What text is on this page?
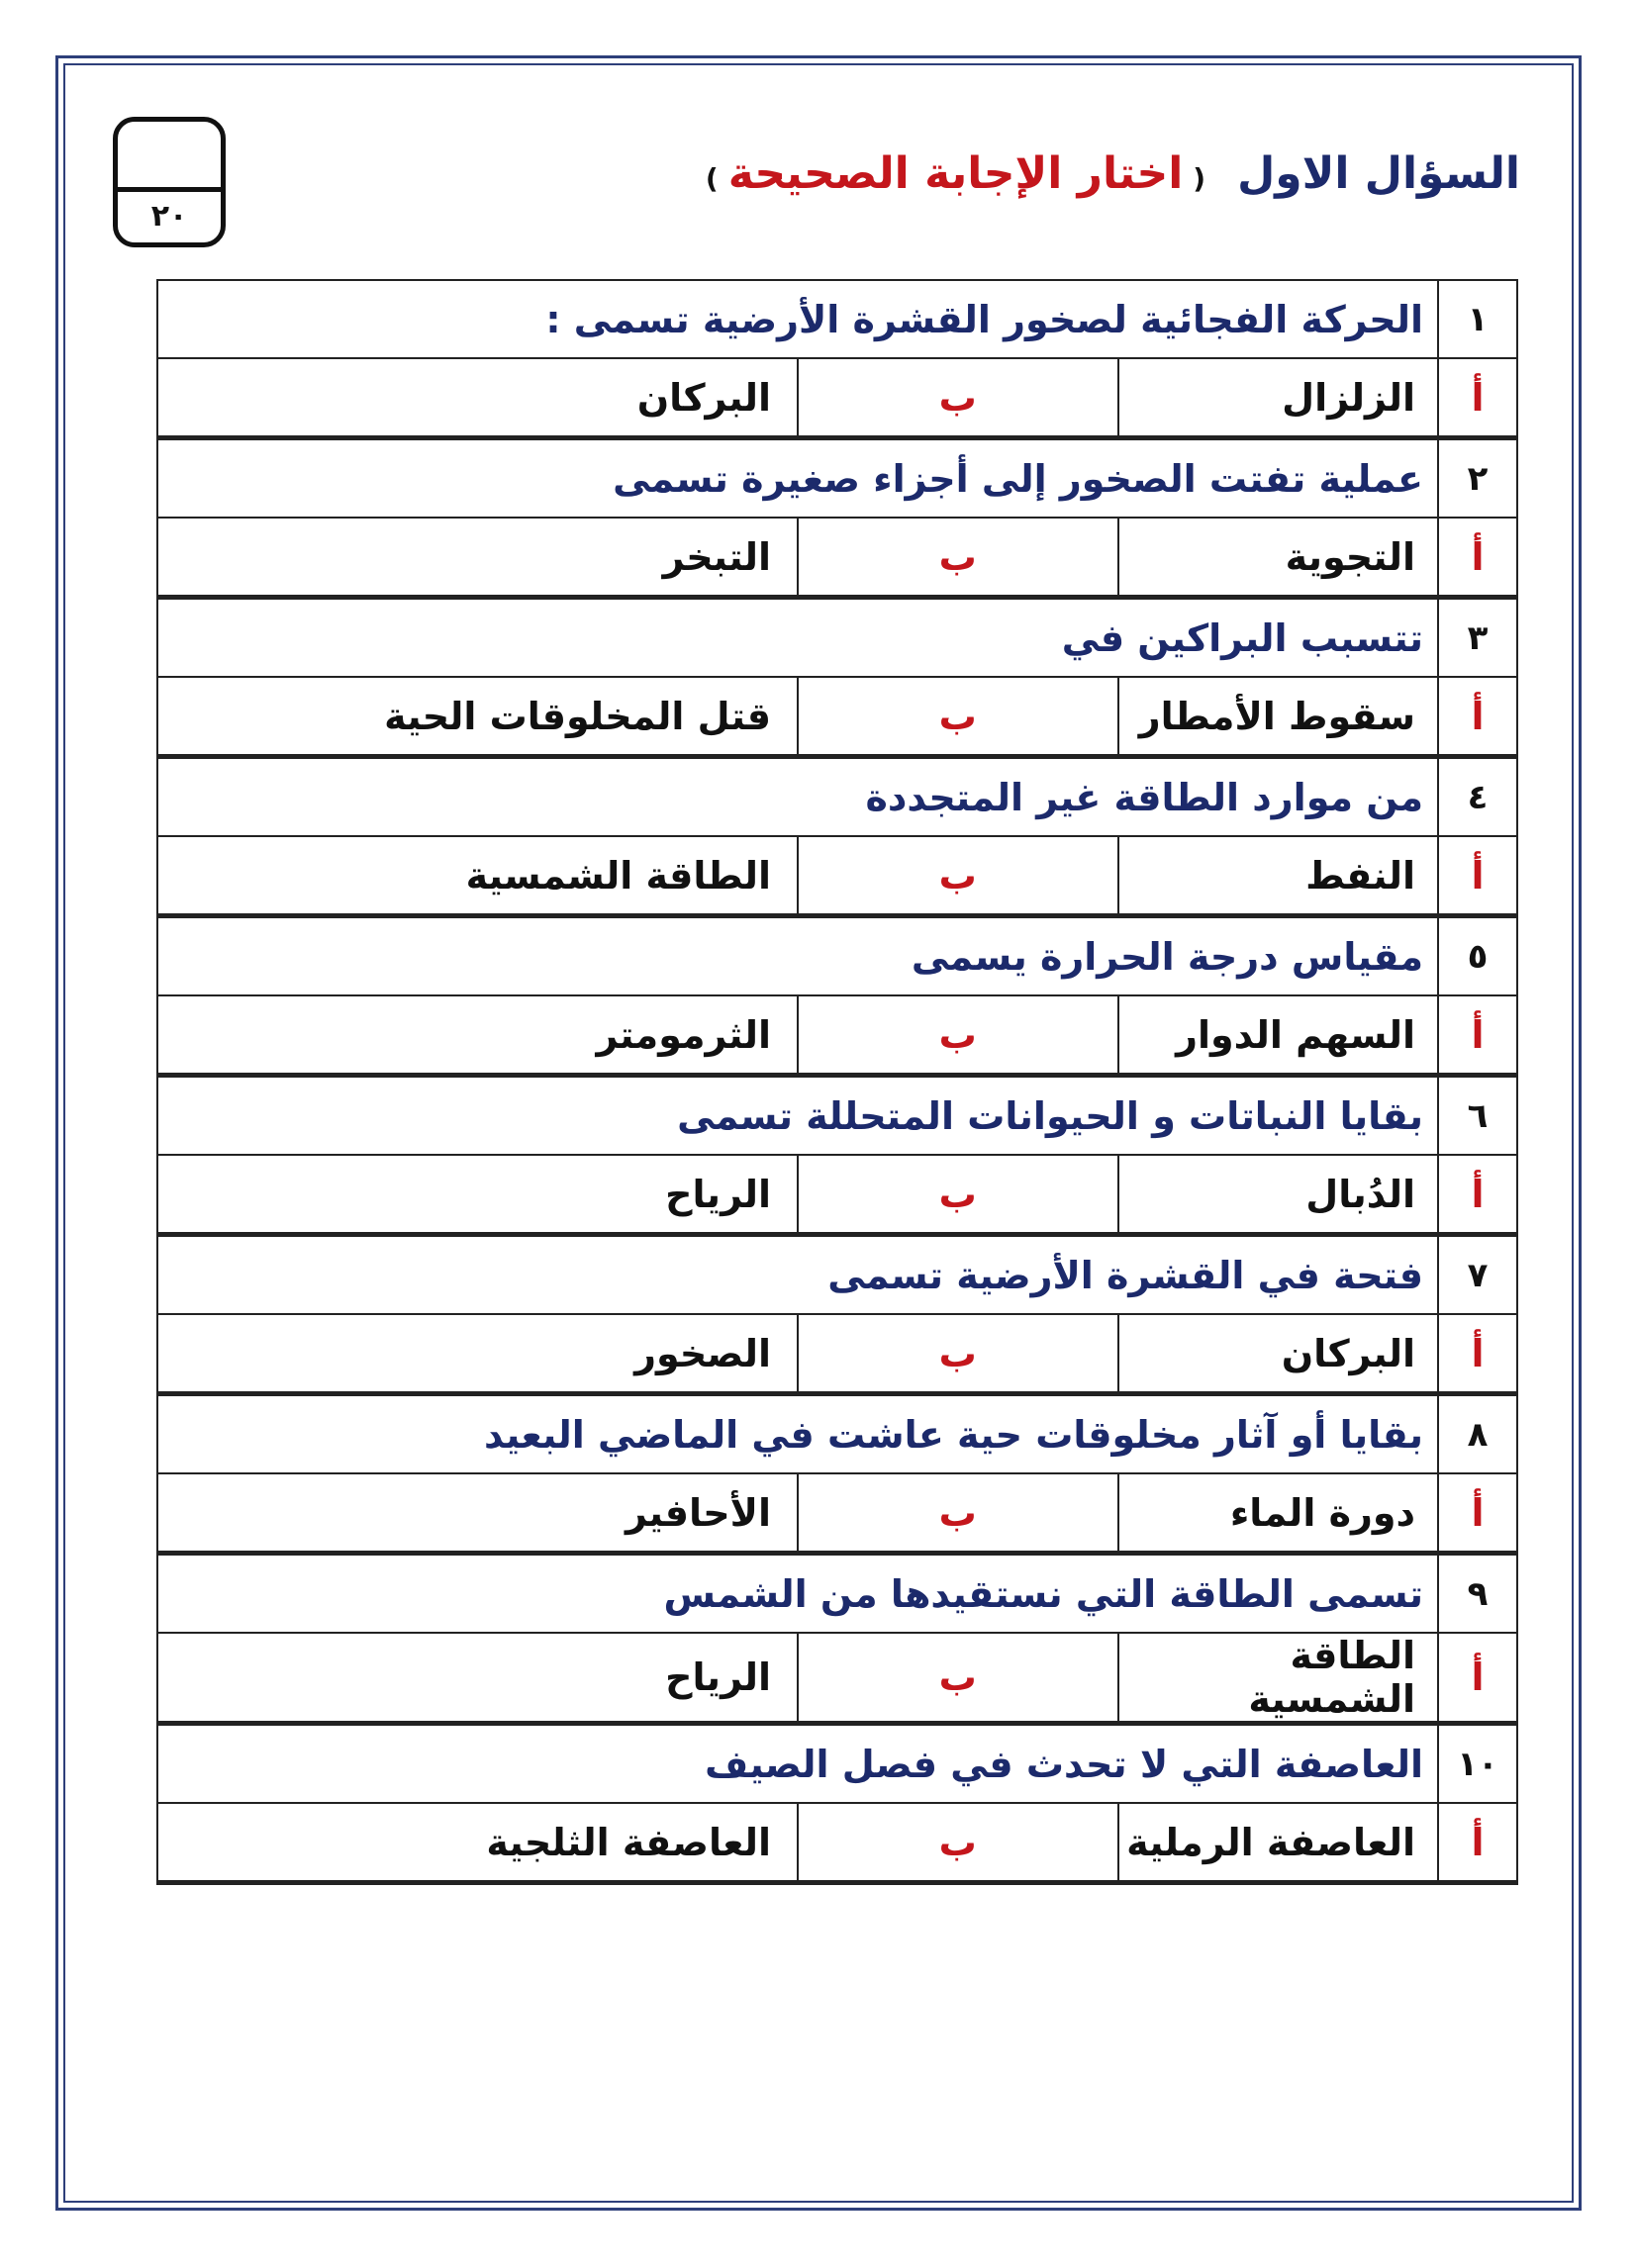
السؤال الاول
(
اختار الإجابة الصحيحة
)
٢٠
١	الحركة الفجائية لصخور القشرة الأرضية تسمى :		
أ	الزلزال	ب	البركان
٢	عملية تفتت الصخور إلى أجزاء صغيرة تسمى		
أ	التجوية	ب	التبخر
٣	تتسبب البراكين في		
أ	سقوط الأمطار	ب	قتل المخلوقات الحية
٤	من موارد الطاقة غير المتجددة		
أ	النفط	ب	الطاقة الشمسية
٥	مقياس درجة الحرارة يسمى		
أ	السهم الدوار	ب	الثرمومتر
٦	بقايا النباتات و الحيوانات المتحللة تسمى		
أ	الدُبال	ب	الرياح
٧	فتحة في القشرة الأرضية تسمى		
أ	البركان	ب	الصخور
٨	بقايا أو آثار مخلوقات حية عاشت في الماضي البعيد		
أ	دورة الماء	ب	الأحافير
٩	تسمى الطاقة التي نستقيدها من الشمس		
أ	الطاقة الشمسية	ب	الرياح
١٠	العاصفة التي لا تحدث في فصل الصيف		
أ	العاصفة الرملية	ب	العاصفة الثلجية
